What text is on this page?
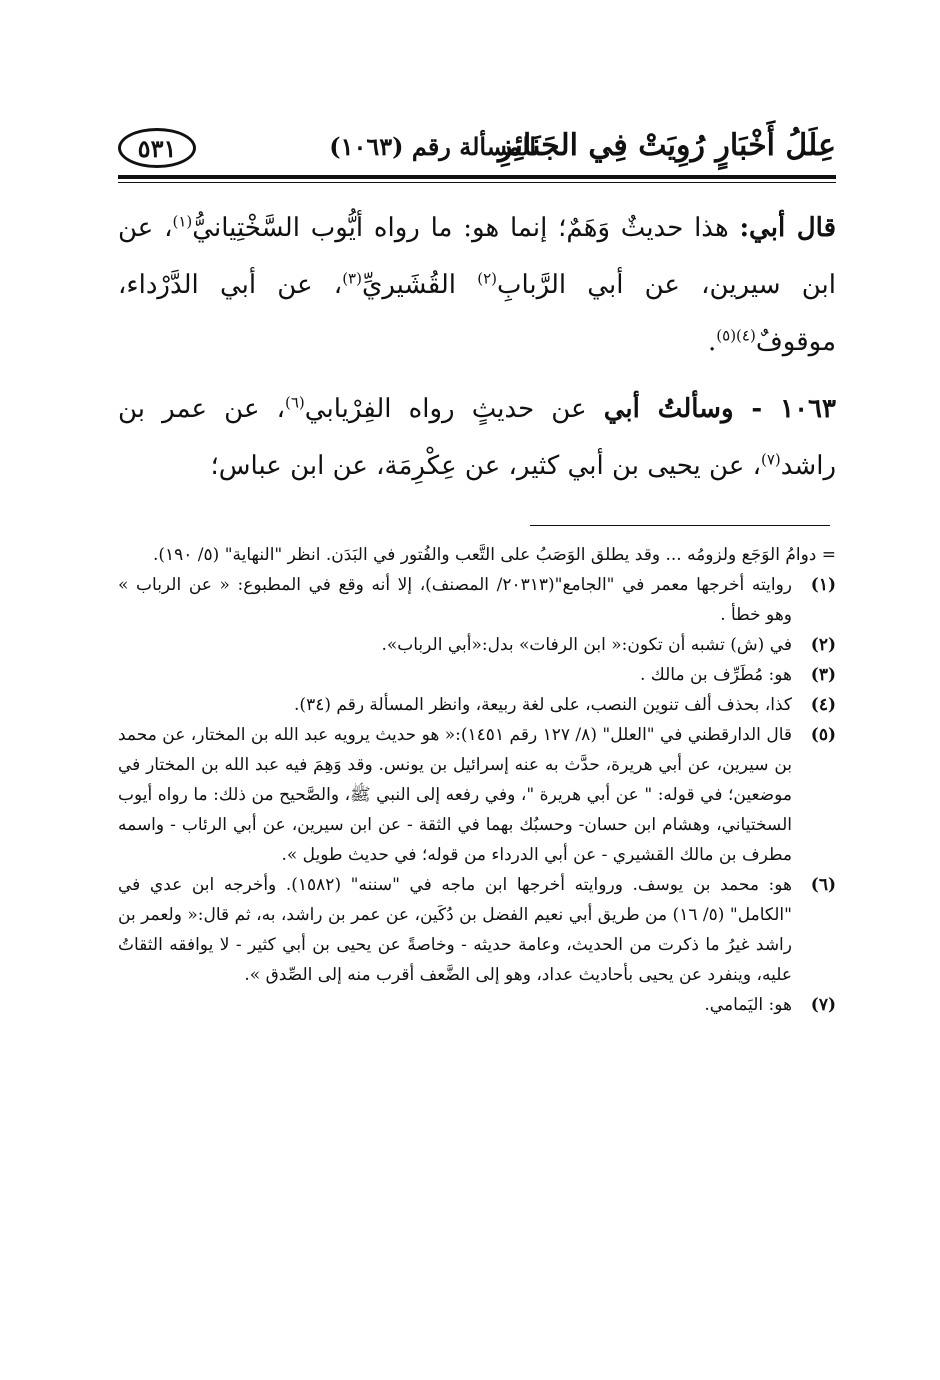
عِلَلُ أَخْبَارٍ رُوِيَتْ فِي الجَنَائِزِ
المسألة رقم (١٠٦٣)
٥٣١

قال أبي: هذا حديثٌ وَهَمٌ؛ إنما هو: ما رواه أيُّوب السَّخْتِيانيُّ$^{(١)}$، عن ابن سيرين، عن أبي الرَّبابِ$^{(٢)}$ القُشَيريِّ$^{(٣)}$، عن أبي الدَّرْداء، موقوفٌ$^{(٤)(٥)}$.

١٠٦٣ - وسألتُ أبي عن حديثٍ رواه الفِرْيابي$^{(٦)}$، عن عمر بن راشد$^{(٧)}$، عن يحيى بن أبي كثير، عن عِكْرِمَة، عن ابن عباس؛

= دوامُ الوَجَع ولزومُه ... وقد يطلق الوَصَبُ على التَّعب والفُتور في البَدَن. انظر "النهاية" (٥/ ١٩٠).

(١)
روايته أخرجها معمر في "الجامع"(٢٠٣١٣/ المصنف)، إلا أنه وقع في المطبوع: « عن الرباب » وهو خطأ .

(٢)
في (ش) تشبه أن تكون:« ابن الرفات» بدل:«أبي الرباب».

(٣)
هو: مُطَرِّف بن مالك .

(٤)
كذا، بحذف ألف تنوين النصب، على لغة ربيعة، وانظر المسألة رقم (٣٤).

(٥)
قال الدارقطني في "العلل" (٨/ ١٢٧ رقم ١٤٥١):« هو حديث يرويه عبد الله بن المختار، عن محمد بن سيرين، عن أبي هريرة، حدَّث به عنه إسرائيل بن يونس. وقد وَهِمَ فيه عبد الله بن المختار في موضعين؛ في قوله: " عن أبي هريرة "، وفي رفعه إلى النبي ﷺ، والصَّحيح من ذلك: ما رواه أيوب السختياني، وهشام ابن حسان- وحسبُك بهما في الثقة - عن ابن سيرين، عن أبي الرئاب - واسمه مطرف بن مالك القشيري - عن أبي الدرداء من قوله؛ في حديث طويل ».

(٦)
هو: محمد بن يوسف. وروايته أخرجها ابن ماجه في "سننه" (١٥٨٢). وأخرجه ابن عدي في "الكامل" (٥/ ١٦) من طريق أبي نعيم الفضل بن دُكَين، عن عمر بن راشد، به، ثم قال:« ولعمر بن راشد غيرُ ما ذكرت من الحديث، وعامة حديثه - وخاصةً عن يحيى بن أبي كثير - لا يوافقه الثقاتُ عليه، وينفرد عن يحيى بأحاديث عداد، وهو إلى الضَّعف أقرب منه إلى الصِّدق ».

(٧)
هو: اليَمامي.
